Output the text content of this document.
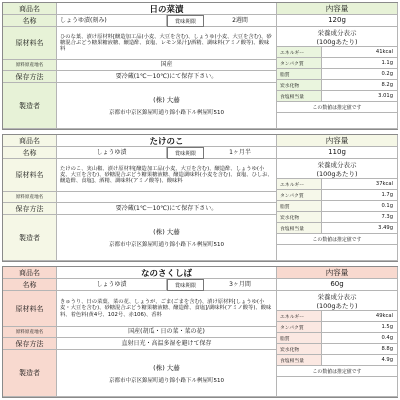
商品名	日の菜漬	内容量
名称	しょうゆ漬(刻み)	賞味期限	2週間	120g
原材料名
ひのな葉、漬け原材料[醸造加工品(小麦、大豆を含む)、しょうゆ(小麦、大豆を含む)、砂糖混合ぶどう糖果糖液糖、醸造酢、食塩、レモン果汁]/酒精、調味料(アミノ酸等)、酸味料
原料原産地名	国産
保存方法	要冷蔵(1℃～10℃)にて保存下さい。
製造者
(株) 大藤
京都市中京区錦屋町通り錦小路下ル桝屋町510
栄養成分表示
(100gあたり)
エネルギー	41kcal
タンパク質	1.1g
脂質	0.2g
炭水化物	8.2g
食塩相当量	3.01g
この数値は推定値です
商品名	たけのこ	内容量
名称	しょうゆ漬	賞味期限	1ヶ月半	110g
原材料名
たけのこ、実山椒、漬け原材料[醸造加工品(小麦、大豆を含む)、醸造酢、しょうゆ(小麦、大豆を含む)、砂糖混合ぶどう糖果糖液糖、醸造調味料(小麦を含む)、食塩、ひしお、醸造酢、食塩]、酒精、調味料(アミノ酸等)、酸味料
原料原産地名
保存方法	要冷蔵(1℃～10℃)にて保存下さい。
製造者
(株) 大藤
京都市中京区錦屋町通り錦小路下ル桝屋町510
栄養成分表示
(100gあたり)
エネルギー	37kcal
タンパク質	1.7g
脂質	0.1g
炭水化物	7.3g
食塩相当量	3.49g
この数値は推定値です
商品名	なのさくしば	内容量
名称	しょうゆ漬	賞味期限	3ヶ月間	60g
原材料名
きゅうり、日の菜葉、菜の花、しょうが、ごま(ごまを含む)、漬け原材料[しょうゆ(小麦・大豆を含む)、砂糖混合ぶどう糖果糖液糖、醸造酢、食塩]/調味料(アミノ酸等)、酸味料、着色料(黄4号、102号、赤106)、香料
原料原産地名	国産(胡瓜・日の菜・菜の花)
保存方法	直射日光・高温多湿を避けて保存
製造者
(株) 大藤
京都市中京区錦屋町通り錦小路下ル桝屋町510
栄養成分表示
(100gあたり)
エネルギー	49kcal
タンパク質	1.5g
脂質	0.4g
炭水化物	8.8g
食塩相当量	4.9g
この数値は推定値です
